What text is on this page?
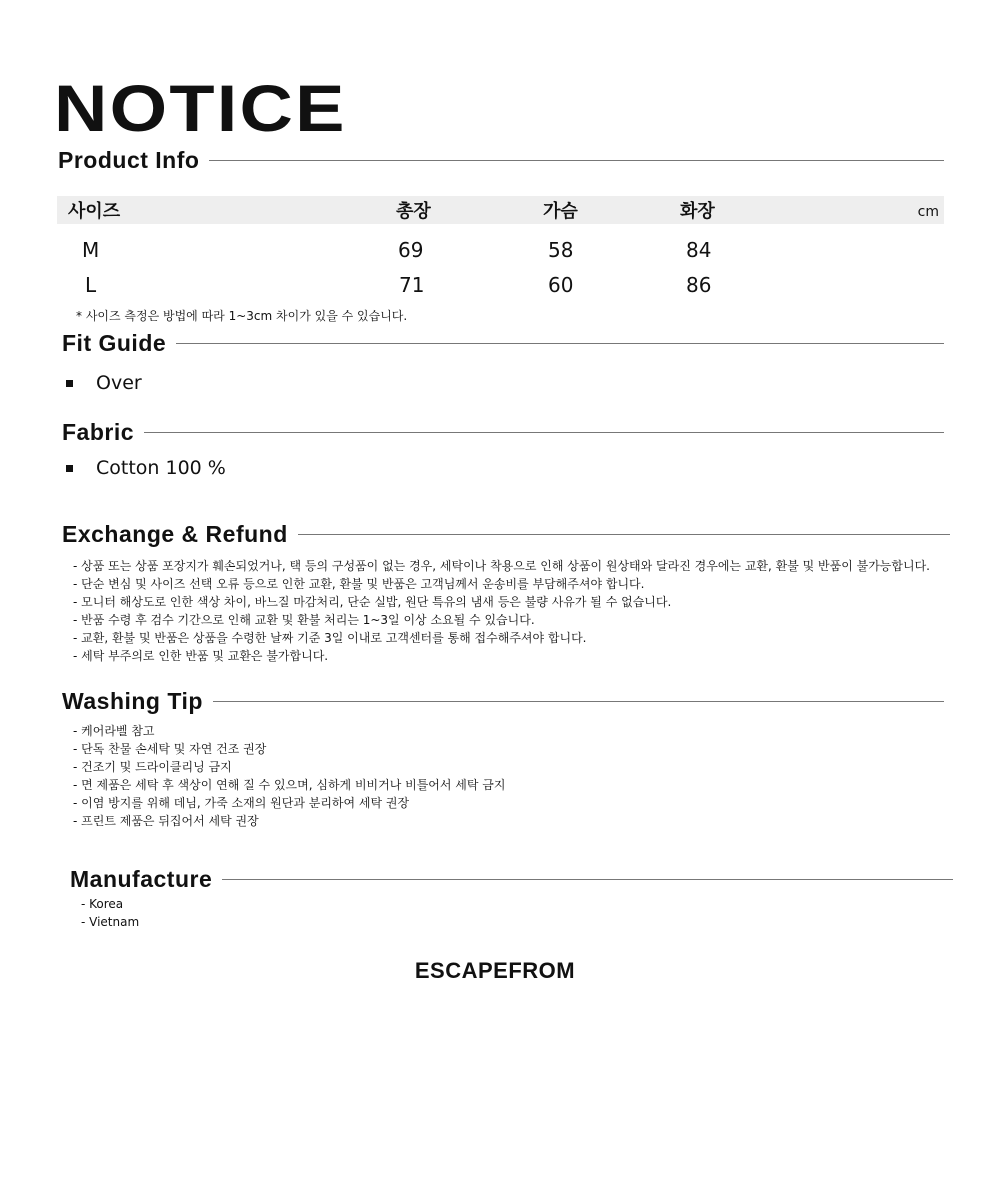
NOTICE
Product Info
사이즈	총장	가슴	화장	cm
M	69	58	84
L	71	60	86
* 사이즈 측정은 방법에 따라 1~3cm 차이가 있을 수 있습니다.
Fit Guide
Over
Fabric
Cotton 100 %
Exchange & Refund
- 상품 또는 상품 포장지가 훼손되었거나, 택 등의 구성품이 없는 경우, 세탁이나 착용으로 인해 상품이 원상태와 달라진 경우에는 교환, 환불 및 반품이 불가능합니다.
- 단순 변심 및 사이즈 선택 오류 등으로 인한 교환, 환불 및 반품은 고객님께서 운송비를 부담해주셔야 합니다.
- 모니터 해상도로 인한 색상 차이, 바느질 마감처리, 단순 실밥, 원단 특유의 냄새 등은 불량 사유가 될 수 없습니다.
- 반품 수령 후 검수 기간으로 인해 교환 및 환불 처리는 1~3일 이상 소요될 수 있습니다.
- 교환, 환불 및 반품은 상품을 수령한 날짜 기준 3일 이내로 고객센터를 통해 접수해주셔야 합니다.
- 세탁 부주의로 인한 반품 및 교환은 불가합니다.
Washing Tip
- 케어라벨 참고
- 단독 찬물 손세탁 및 자연 건조 권장
- 건조기 및 드라이클리닝 금지
- 면 제품은 세탁 후 색상이 연해 질 수 있으며, 심하게 비비거나 비틀어서 세탁 금지
- 이염 방지를 위해 데님, 가죽 소재의 원단과 분리하여 세탁 권장
- 프린트 제품은 뒤집어서 세탁 권장
Manufacture
- Korea
- Vietnam
ESCAPEFROM
